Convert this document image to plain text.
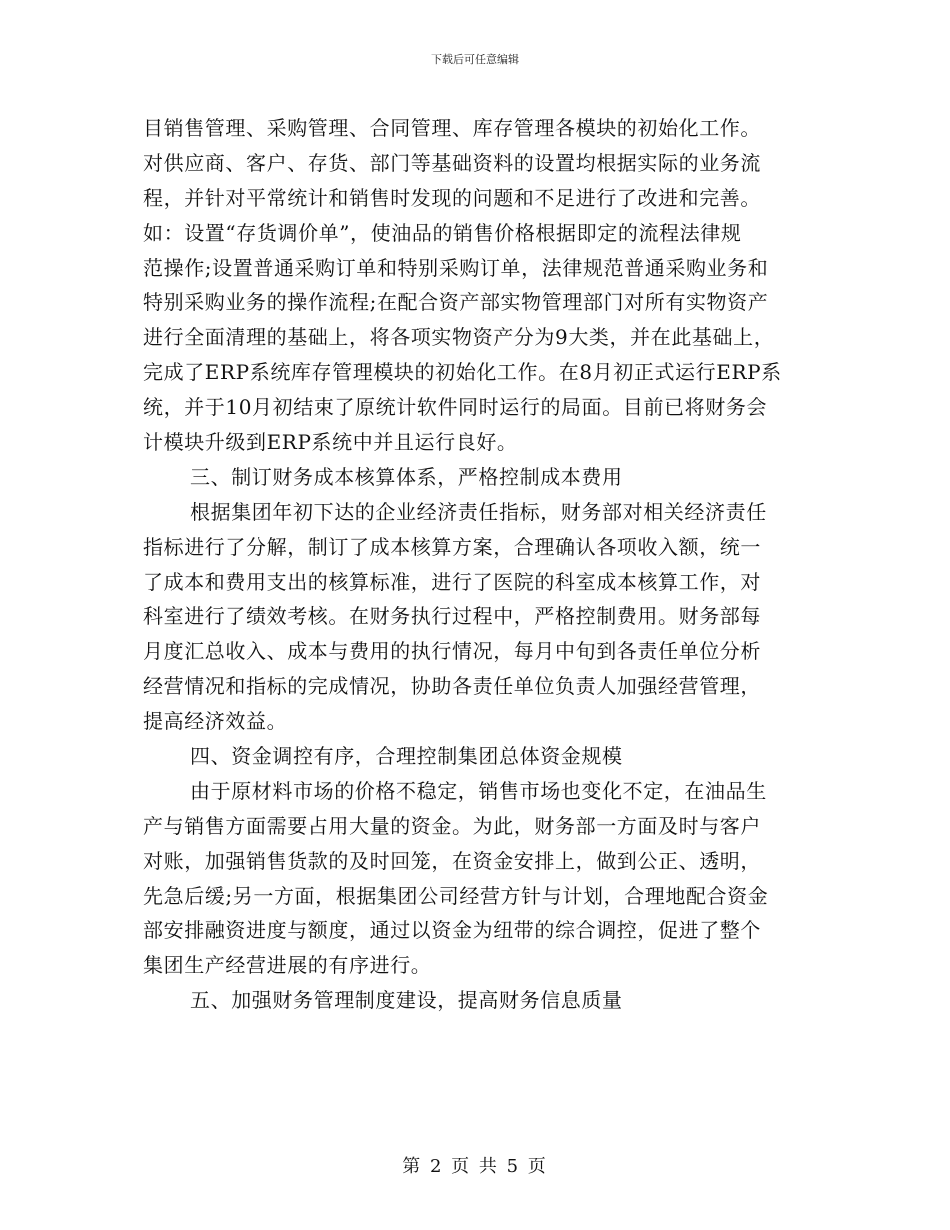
下载后可任意编辑
目销售管理、采购管理、合同管理、库存管理各模块的初始化工作。
对供应商、客户、存货、部门等基础资料的设置均根据实际的业务流
程，并针对平常统计和销售时发现的问题和不足进行了改进和完善。
如：设置“存货调价单”，使油品的销售价格根据即定的流程法律规
范操作;设置普通采购订单和特别采购订单，法律规范普通采购业务和
特别采购业务的操作流程;在配合资产部实物管理部门对所有实物资产
进行全面清理的基础上，将各项实物资产分为9大类，并在此基础上，
完成了ERP系统库存管理模块的初始化工作。在8月初正式运行ERP系
统，并于10月初结束了原统计软件同时运行的局面。目前已将财务会
计模块升级到ERP系统中并且运行良好。
三、制订财务成本核算体系，严格控制成本费用
根据集团年初下达的企业经济责任指标，财务部对相关经济责任
指标进行了分解，制订了成本核算方案，合理确认各项收入额，统一
了成本和费用支出的核算标准，进行了医院的科室成本核算工作，对
科室进行了绩效考核。在财务执行过程中，严格控制费用。财务部每
月度汇总收入、成本与费用的执行情况，每月中旬到各责任单位分析
经营情况和指标的完成情况，协助各责任单位负责人加强经营管理，
提高经济效益。
四、资金调控有序，合理控制集团总体资金规模
由于原材料市场的价格不稳定，销售市场也变化不定，在油品生
产与销售方面需要占用大量的资金。为此，财务部一方面及时与客户
对账，加强销售货款的及时回笼，在资金安排上，做到公正、透明，
先急后缓;另一方面，根据集团公司经营方针与计划，合理地配合资金
部安排融资进度与额度，通过以资金为纽带的综合调控，促进了整个
集团生产经营进展的有序进行。
五、加强财务管理制度建设，提高财务信息质量
第 2 页 共 5 页
